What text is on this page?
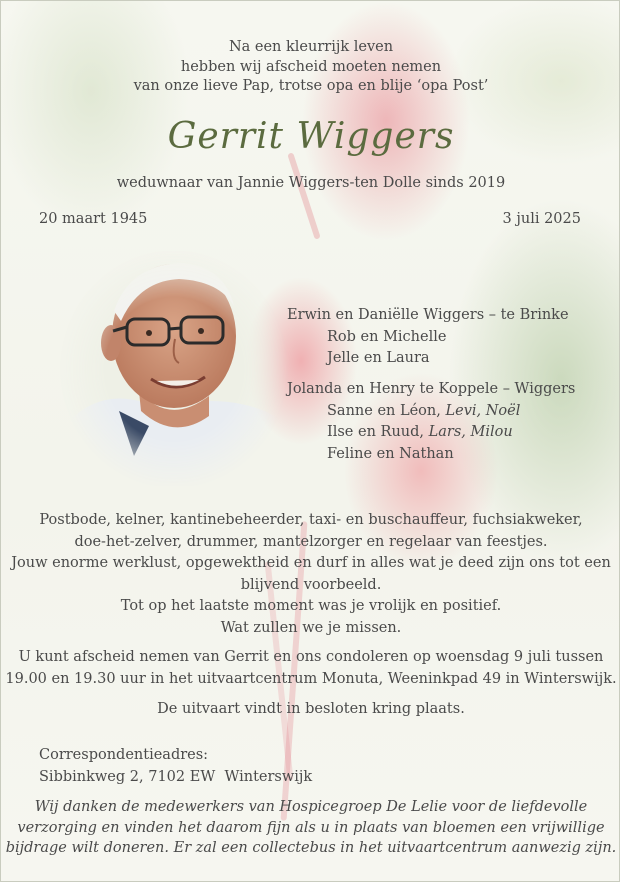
Na een kleurrijk leven
hebben wij afscheid moeten nemen
van onze lieve Pap, trotse opa en blije ‘opa Post’
Gerrit Wiggers
weduwnaar van Jannie Wiggers-ten Dolle sinds 2019
20 maart 1945	3 juli 2025
Erwin en Daniëlle Wiggers – te Brinke
Rob en Michelle
Jelle en Laura
Jolanda en Henry te Koppele – Wiggers
Sanne en Léon, Levi, Noël
Ilse en Ruud, Lars, Milou
Feline en Nathan
Postbode, kelner, kantinebeheerder, taxi- en buschauffeur, fuchsiakweker,
doe-het-zelver, drummer, mantelzorger en regelaar van feestjes.
Jouw enorme werklust, opgewektheid en durf in alles wat je deed zijn ons tot een
blijvend voorbeeld.
Tot op het laatste moment was je vrolijk en positief.
Wat zullen we je missen.
U kunt afscheid nemen van Gerrit en ons condoleren op woensdag 9 juli tussen
19.00 en 19.30 uur in het uitvaartcentrum Monuta, Weeninkpad 49 in Winterswijk.
De uitvaart vindt in besloten kring plaats.
Correspondentieadres:
Sibbinkweg 2, 7102 EW  Winterswijk
Wij danken de medewerkers van Hospicegroep De Lelie voor de liefdevolle
verzorging en vinden het daarom fijn als u in plaats van bloemen een vrijwillige
bijdrage wilt doneren. Er zal een collectebus in het uitvaartcentrum aanwezig zijn.
